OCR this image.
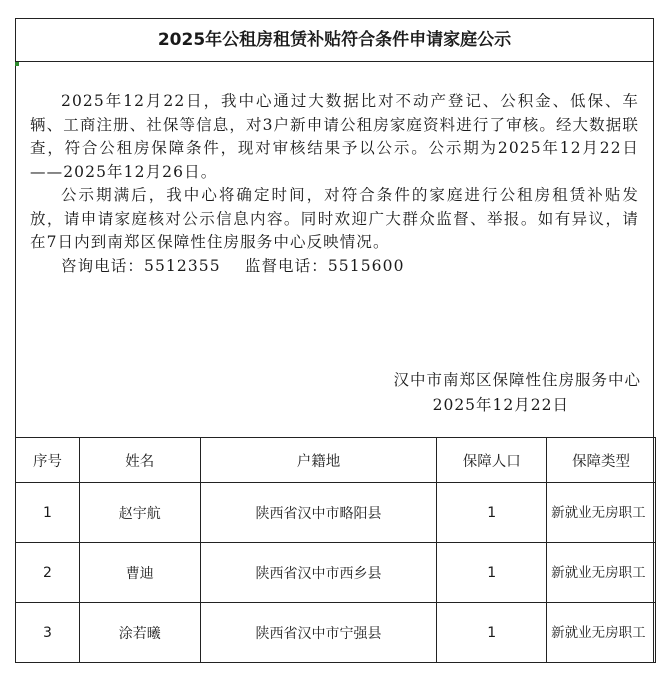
2025年公租房租赁补贴符合条件申请家庭公示

2025年12月22日，我中心通过大数据比对不动产登记、公积金、低保、车辆、工商注册、社保等信息，对3户新申请公租房家庭资料进行了审核。经大数据联查，符合公租房保障条件，现对审核结果予以公示。公示期为2025年12月22日——2025年12月26日。

公示期满后，我中心将确定时间，对符合条件的家庭进行公租房租赁补贴发放，请申请家庭核对公示信息内容。同时欢迎广大群众监督、举报。如有异议，请在7日内到南郑区保障性住房服务中心反映情况。

咨询电话：5512355    监督电话：5515600
汉中市南郑区保障性住房服务中心
2025年12月22日
序号	姓名	户籍地	保障人口	保障类型
1	赵宇航	陕西省汉中市略阳县	1	新就业无房职工
2	曹迪	陕西省汉中市西乡县	1	新就业无房职工
3	涂若曦	陕西省汉中市宁强县	1	新就业无房职工
